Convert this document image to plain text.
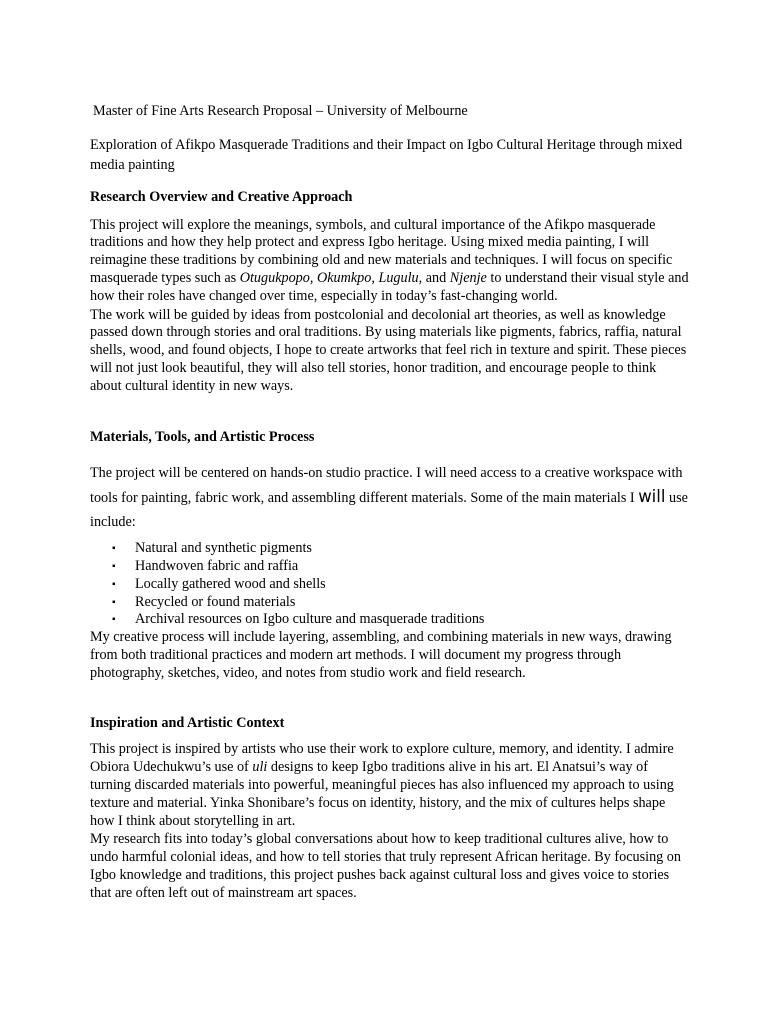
Master of Fine Arts Research Proposal – University of Melbourne

Exploration of Afikpo Masquerade Traditions and their Impact on Igbo Cultural Heritage through mixed media painting

Research Overview and Creative Approach

This project will explore the meanings, symbols, and cultural importance of the Afikpo masquerade traditions and how they help protect and express Igbo heritage. Using mixed media painting, I will reimagine these traditions by combining old and new materials and techniques. I will focus on specific masquerade types such as Otugukpopo, Okumkpo, Lugulu, and Njenje to understand their visual style and how their roles have changed over time, especially in today’s fast-changing world.

The work will be guided by ideas from postcolonial and decolonial art theories, as well as knowledge passed down through stories and oral traditions. By using materials like pigments, fabrics, raffia, natural shells, wood, and found objects, I hope to create artworks that feel rich in texture and spirit. These pieces will not just look beautiful, they will also tell stories, honor tradition, and encourage people to think about cultural identity in new ways.

Materials, Tools, and Artistic Process

The project will be centered on hands-on studio practice. I will need access to a creative workspace with tools for painting, fabric work, and assembling different materials. Some of the main materials I will use include:

▪ Natural and synthetic pigments
▪ Handwoven fabric and raffia
▪ Locally gathered wood and shells
▪ Recycled or found materials
▪ Archival resources on Igbo culture and masquerade traditions

My creative process will include layering, assembling, and combining materials in new ways, drawing from both traditional practices and modern art methods. I will document my progress through photography, sketches, video, and notes from studio work and field research.

Inspiration and Artistic Context

This project is inspired by artists who use their work to explore culture, memory, and identity. I admire Obiora Udechukwu’s use of uli designs to keep Igbo traditions alive in his art. El Anatsui’s way of turning discarded materials into powerful, meaningful pieces has also influenced my approach to using texture and material. Yinka Shonibare’s focus on identity, history, and the mix of cultures helps shape how I think about storytelling in art.

My research fits into today’s global conversations about how to keep traditional cultures alive, how to undo harmful colonial ideas, and how to tell stories that truly represent African heritage. By focusing on Igbo knowledge and traditions, this project pushes back against cultural loss and gives voice to stories that are often left out of mainstream art spaces.
